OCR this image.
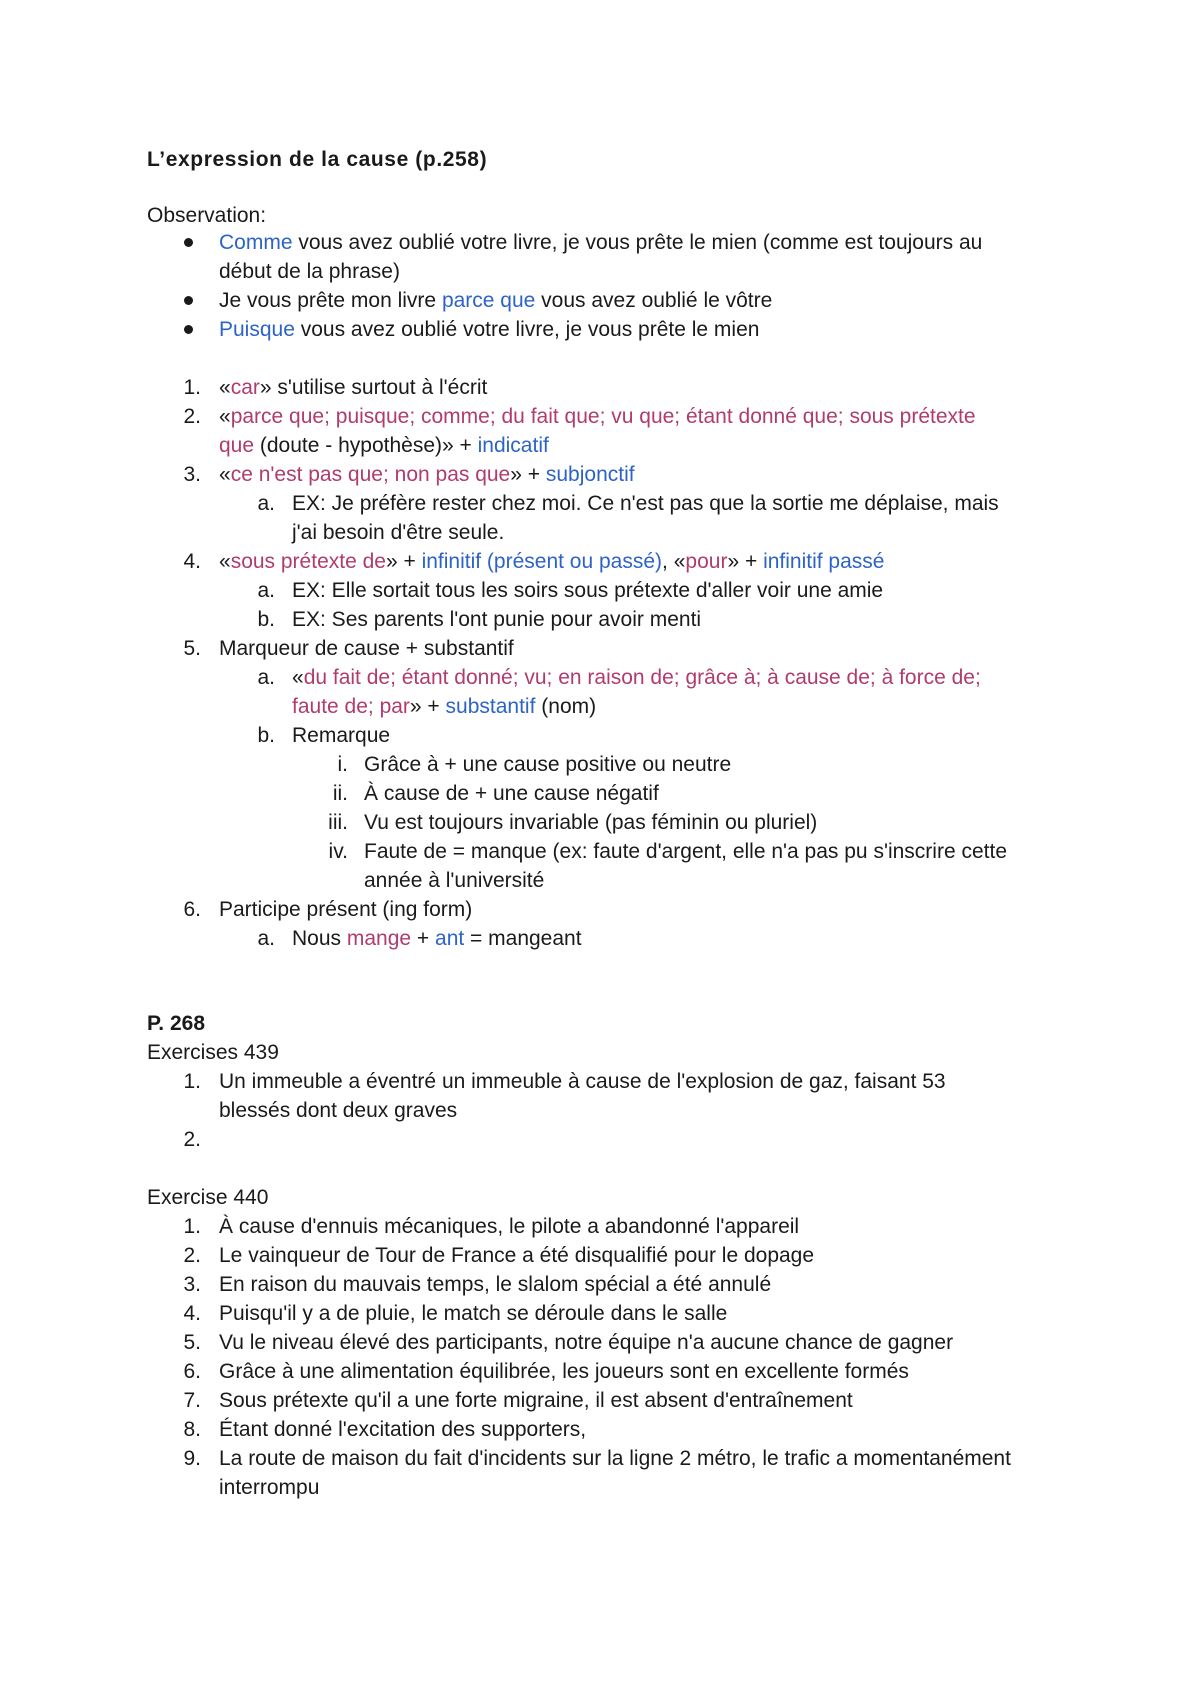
L’expression de la cause (p.258)
Observation:
Comme vous avez oublié votre livre, je vous prête le mien (comme est toujours au
début de la phrase)
Je vous prête mon livre parce que vous avez oublié le vôtre
Puisque vous avez oublié votre livre, je vous prête le mien
1. «car» s'utilise surtout à l'écrit
2. «parce que; puisque; comme; du fait que; vu que; étant donné que; sous prétexte
que (doute - hypothèse)» + indicatif
3. «ce n'est pas que; non pas que» + subjonctif
a. EX: Je préfère rester chez moi. Ce n'est pas que la sortie me déplaise, mais
j'ai besoin d'être seule.
4. «sous prétexte de» + infinitif (présent ou passé), «pour» + infinitif passé
a. EX: Elle sortait tous les soirs sous prétexte d'aller voir une amie
b. EX: Ses parents l'ont punie pour avoir menti
5. Marqueur de cause + substantif
a. «du fait de; étant donné; vu; en raison de; grâce à; à cause de; à force de;
faute de; par» + substantif (nom)
b. Remarque
i. Grâce à + une cause positive ou neutre
ii. À cause de + une cause négatif
iii. Vu est toujours invariable (pas féminin ou pluriel)
iv. Faute de = manque (ex: faute d'argent, elle n'a pas pu s'inscrire cette
année à l'université
6. Participe présent (ing form)
a. Nous mange + ant = mangeant
P. 268
Exercises 439
1. Un immeuble a éventré un immeuble à cause de l'explosion de gaz, faisant 53
blessés dont deux graves
2.
Exercise 440
1. À cause d'ennuis mécaniques, le pilote a abandonné l'appareil
2. Le vainqueur de Tour de France a été disqualifié pour le dopage
3. En raison du mauvais temps, le slalom spécial a été annulé
4. Puisqu'il y a de pluie, le match se déroule dans le salle
5. Vu le niveau élevé des participants, notre équipe n'a aucune chance de gagner
6. Grâce à une alimentation équilibrée, les joueurs sont en excellente formés
7. Sous prétexte qu'il a une forte migraine, il est absent d'entraînement
8. Étant donné l'excitation des supporters,
9. La route de maison du fait d'incidents sur la ligne 2 métro, le trafic a momentanément
interrompu
